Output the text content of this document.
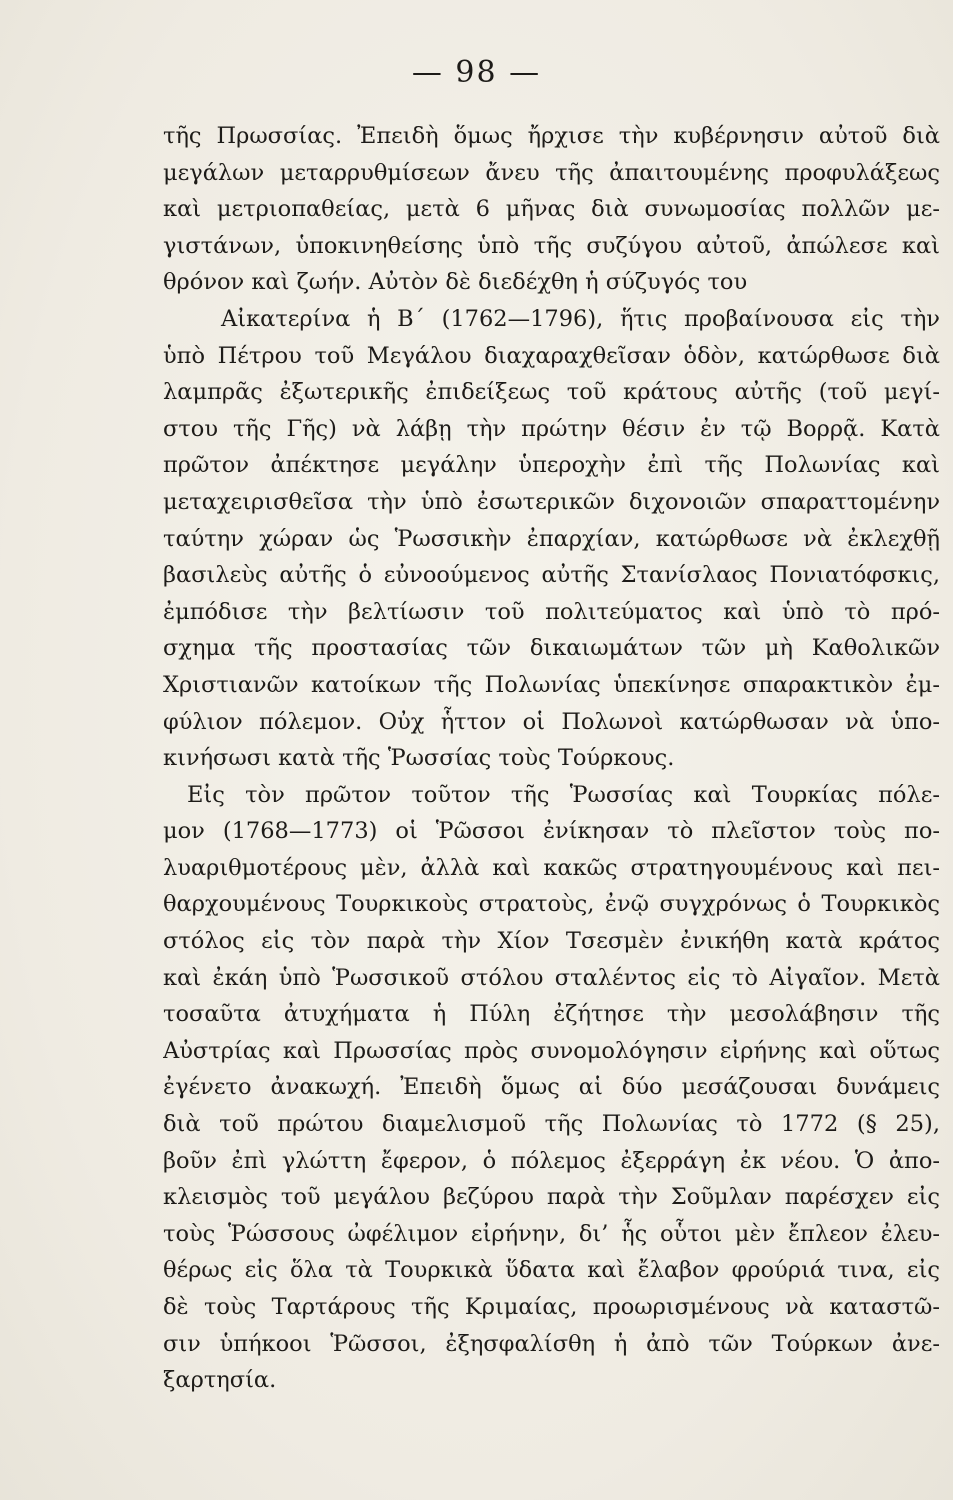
— 98 —
τῆς Πρωσσίας. Ἐπειδὴ ὅμως ἤρχισε τὴν κυβέρνησιν αὐτοῦ διὰ
μεγάλων μεταρρυθμίσεων ἄνευ τῆς ἀπαιτουμένης προφυλάξεως
καὶ μετριοπαθείας, μετὰ 6 μῆνας διὰ συνωμοσίας πολλῶν με-
γιστάνων, ὑποκινηθείσης ὑπὸ τῆς συζύγου αὐτοῦ, ἀπώλεσε καὶ
θρόνον καὶ ζωήν. Αὐτὸν δὲ διεδέχθη ἡ σύζυγός του
Αἰκατερίνα ἡ Β΄ (1762—1796), ἥτις προβαίνουσα εἰς τὴν
ὑπὸ Πέτρου τοῦ Μεγάλου διαχαραχθεῖσαν ὁδὸν, κατώρθωσε διὰ
λαμπρᾶς ἐξωτερικῆς ἐπιδείξεως τοῦ κράτους αὐτῆς (τοῦ μεγί-
στου τῆς Γῆς) νὰ λάβῃ τὴν πρώτην θέσιν ἐν τῷ Βορρᾷ. Κατὰ
πρῶτον ἀπέκτησε μεγάλην ὑπεροχὴν ἐπὶ τῆς Πολωνίας καὶ
μεταχειρισθεῖσα τὴν ὑπὸ ἐσωτερικῶν διχονοιῶν σπαραττομένην
ταύτην χώραν ὡς Ῥωσσικὴν ἐπαρχίαν, κατώρθωσε νὰ ἐκλεχθῇ
βασιλεὺς αὐτῆς ὁ εὐνοούμενος αὐτῆς Στανίσλαος Πονιατόφσκις,
ἐμπόδισε τὴν βελτίωσιν τοῦ πολιτεύματος καὶ ὑπὸ τὸ πρό-
σχημα τῆς προστασίας τῶν δικαιωμάτων τῶν μὴ Καθολικῶν
Χριστιανῶν κατοίκων τῆς Πολωνίας ὑπεκίνησε σπαρακτικὸν ἐμ-
φύλιον πόλεμον. Οὐχ ἧττον οἱ Πολωνοὶ κατώρθωσαν νὰ ὑπο-
κινήσωσι κατὰ τῆς Ῥωσσίας τοὺς Τούρκους.
Εἰς τὸν πρῶτον τοῦτον τῆς Ῥωσσίας καὶ Τουρκίας πόλε-
μον (1768—1773) οἱ Ῥῶσσοι ἐνίκησαν τὸ πλεῖστον τοὺς πο-
λυαριθμοτέρους μὲν, ἀλλὰ καὶ κακῶς στρατηγουμένους καὶ πει-
θαρχουμένους Τουρκικοὺς στρατοὺς, ἐνῷ συγχρόνως ὁ Τουρκικὸς
στόλος εἰς τὸν παρὰ τὴν Χίον Τσεσμὲν ἐνικήθη κατὰ κράτος
καὶ ἐκάη ὑπὸ Ῥωσσικοῦ στόλου σταλέντος εἰς τὸ Αἰγαῖον. Μετὰ
τοσαῦτα ἀτυχήματα ἡ Πύλη ἐζήτησε τὴν μεσολάβησιν τῆς
Αὐστρίας καὶ Πρωσσίας πρὸς συνομολόγησιν εἰρήνης καὶ οὕτως
ἐγένετο ἀνακωχή. Ἐπειδὴ ὅμως αἱ δύο μεσάζουσαι δυνάμεις
διὰ τοῦ πρώτου διαμελισμοῦ τῆς Πολωνίας τὸ 1772 (§ 25),
βοῦν ἐπὶ γλώττη ἔφερον, ὁ πόλεμος ἐξερράγη ἐκ νέου. Ὁ ἀπο-
κλεισμὸς τοῦ μεγάλου βεζύρου παρὰ τὴν Σοῦμλαν παρέσχεν εἰς
τοὺς Ῥώσσους ὠφέλιμον εἰρήνην, δι’ ἧς οὗτοι μὲν ἔπλεον ἐλευ-
θέρως εἰς ὅλα τὰ Τουρκικὰ ὕδατα καὶ ἔλαβον φρούριά τινα, εἰς
δὲ τοὺς Ταρτάρους τῆς Κριμαίας, προωρισμένους νὰ καταστῶ-
σιν ὑπήκοοι Ῥῶσσοι, ἐξησφαλίσθη ἡ ἀπὸ τῶν Τούρκων ἀνε-
ξαρτησία.
